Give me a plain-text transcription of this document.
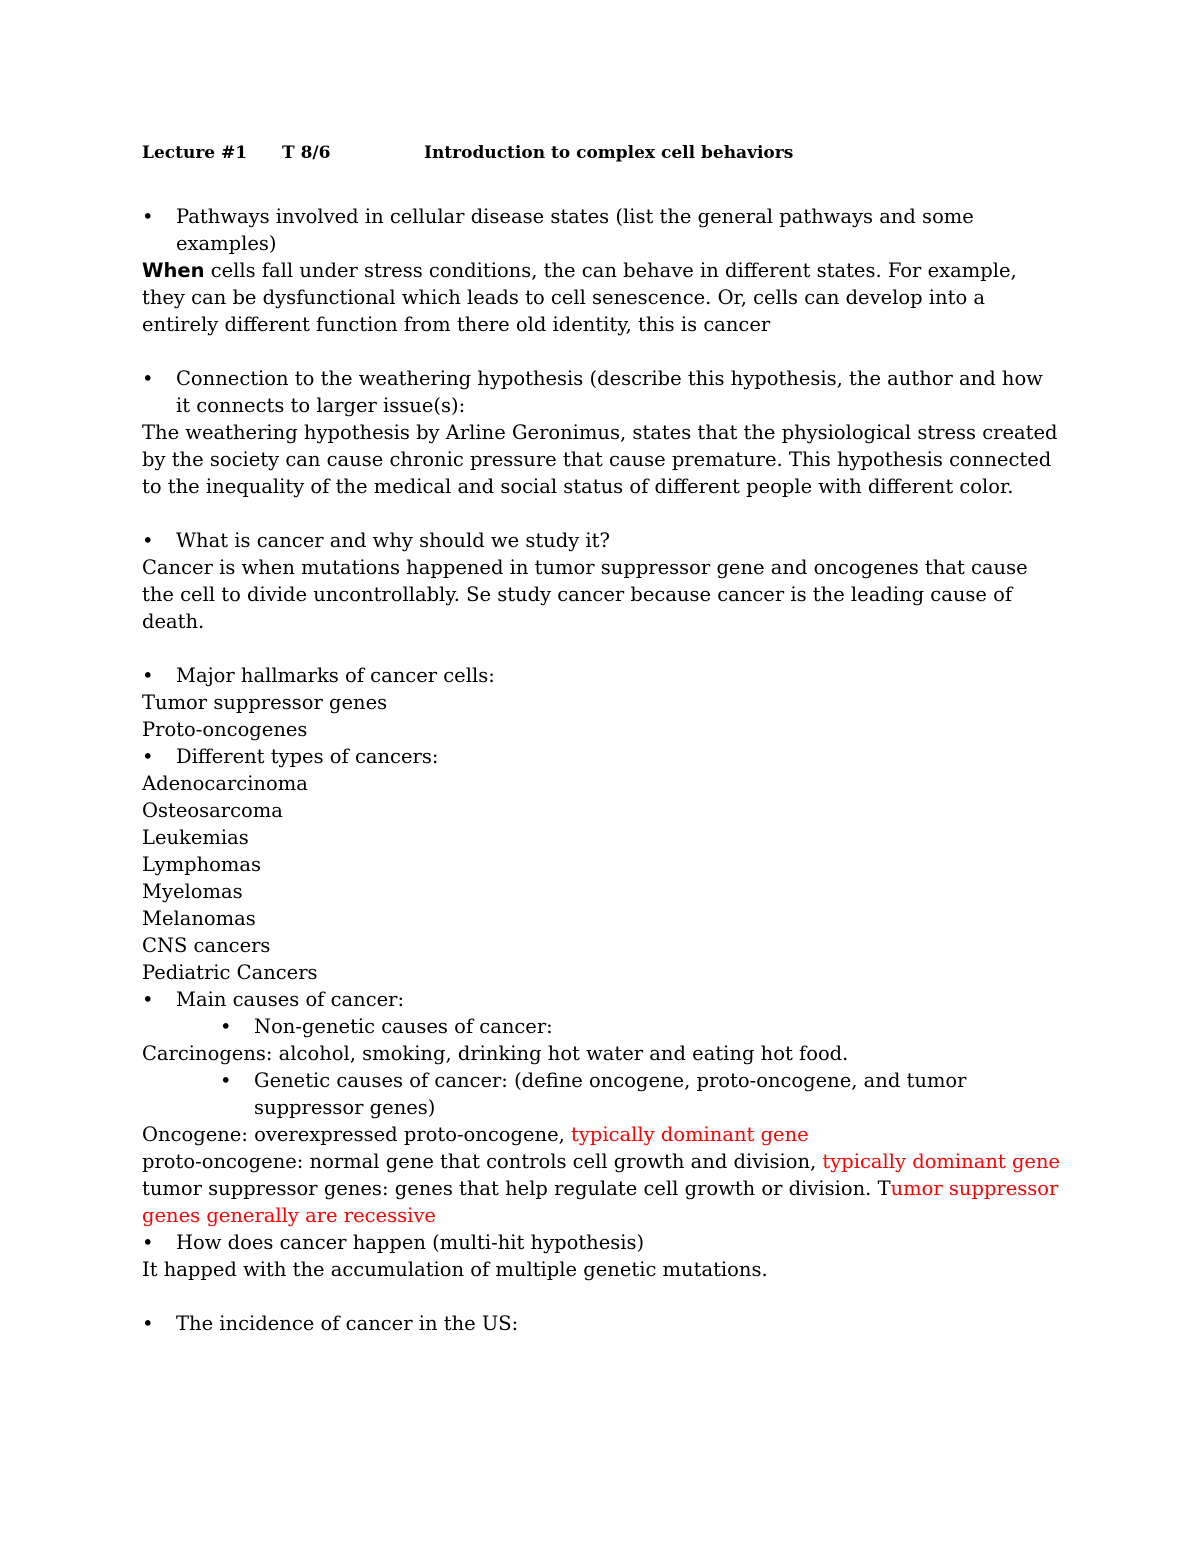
Lecture #1 T 8/6	Introduction to complex cell behaviors
• Pathways involved in cellular disease states (list the general pathways and some examples)
When cells fall under stress conditions, the can behave in different states. For example, they can be dysfunctional which leads to cell senescence. Or, cells can develop into a entirely different function from there old identity, this is cancer
• Connection to the weathering hypothesis (describe this hypothesis, the author and how it connects to larger issue(s):
The weathering hypothesis by Arline Geronimus, states that the physiological stress created by the society can cause chronic pressure that cause premature. This hypothesis connected to the inequality of the medical and social status of different people with different color.
• What is cancer and why should we study it?
Cancer is when mutations happened in tumor suppressor gene and oncogenes that cause the cell to divide uncontrollably. Se study cancer because cancer is the leading cause of death.
• Major hallmarks of cancer cells:
Tumor suppressor genes
Proto-oncogenes
• Different types of cancers:
Adenocarcinoma
Osteosarcoma
Leukemias
Lymphomas
Myelomas
Melanomas
CNS cancers
Pediatric Cancers
• Main causes of cancer:
• Non-genetic causes of cancer:
Carcinogens: alcohol, smoking, drinking hot water and eating hot food.
• Genetic causes of cancer: (define oncogene, proto-oncogene, and tumor suppressor genes)
Oncogene: overexpressed proto-oncogene, typically dominant gene
proto-oncogene: normal gene that controls cell growth and division, typically dominant gene
tumor suppressor genes: genes that help regulate cell growth or division. Tumor suppressor genes generally are recessive
• How does cancer happen (multi-hit hypothesis)
It happed with the accumulation of multiple genetic mutations.
• The incidence of cancer in the US:
